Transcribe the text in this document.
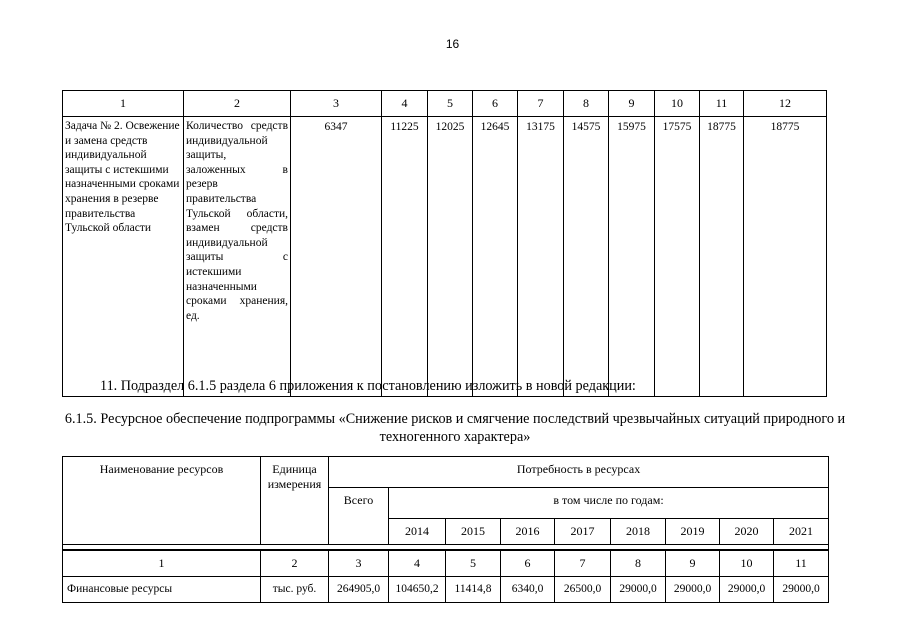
16
1	2	3	4	5	6	7	8	9	10	11	12
Задача № 2. Освежение и замена средств индивидуальной защиты с истекшими назначенными сроками хранения в резерве правительства Тульской области	Количество средств индивидуальной защиты, заложенных в резерв правительства Тульской области, взамен средств индивидуальной защиты с истекшими назначенными сроками хранения, ед.	6347	11225	12025	12645	13175	14575	15975	17575	18775	18775
11. Подраздел 6.1.5 раздела 6 приложения к постановлению изложить в новой редакции:
6.1.5. Ресурсное обеспечение подпрограммы «Снижение рисков и смягчение последствий чрезвычайных ситуаций природного и техногенного характера»
Наименование ресурсов	Единица измерения	Потребность в ресурсах								
		Всего	в том числе по годам:							
			2014	2015	2016	2017	2018	2019	2020	2021

1	2	3	4	5	6	7	8	9	10	11
Финансовые ресурсы	тыс. руб.	264905,0	104650,2	11414,8	6340,0	26500,0	29000,0	29000,0	29000,0	29000,0
